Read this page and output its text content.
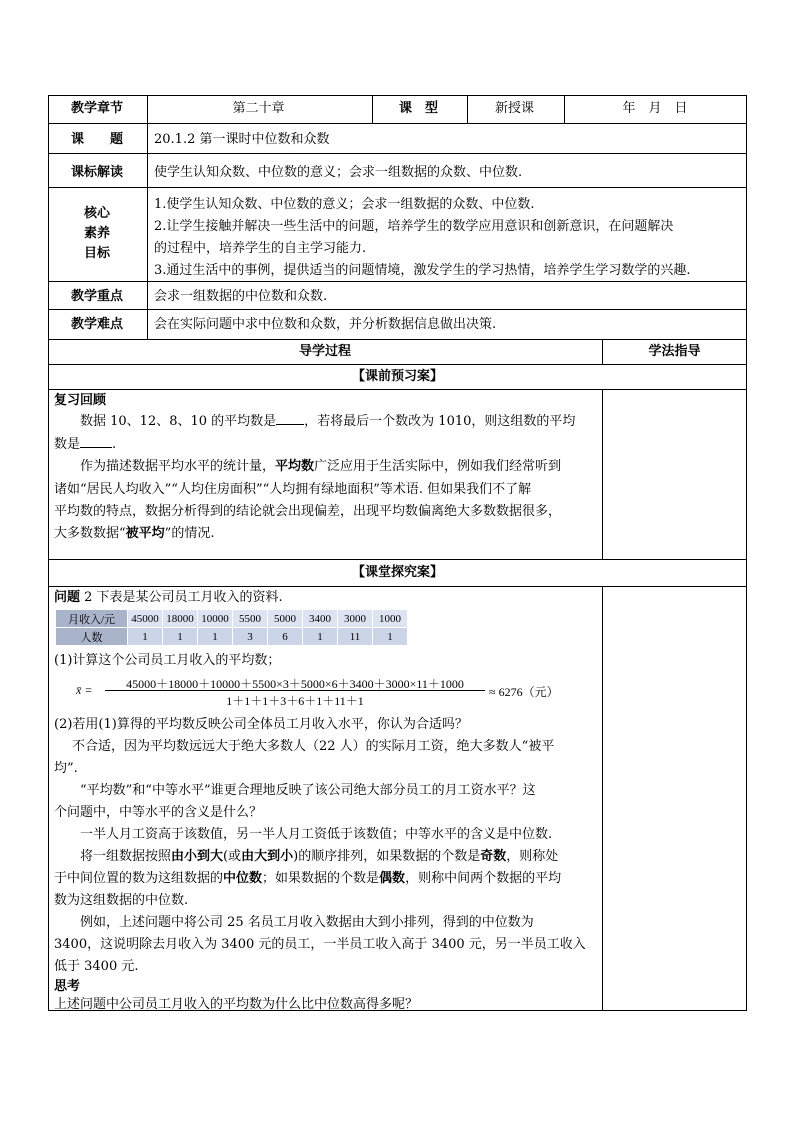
教学章节	第二十章	课　型	新授课	年　月　日
课　　题	20.1.2 第一课时中位数和众数
课标解读	使学生认知众数、中位数的意义；会求一组数据的众数、中位数.
核心
素养
目标
1.使学生认知众数、中位数的意义；会求一组数据的众数、中位数.
2.让学生接触并解决一些生活中的问题，培养学生的数学应用意识和创新意识，在问题解决
的过程中，培养学生的自主学习能力.
3.通过生活中的事例，提供适当的问题情境，激发学生的学习热情，培养学生学习数学的兴趣.
教学重点	会求一组数据的中位数和众数.
教学难点	会在实际问题中求中位数和众数，并分析数据信息做出决策.
导学过程	学法指导
【课前预习案】
复习回顾
数据 10、12、8、10 的平均数是 ，若将最后一个数改为 1010，则这组数的平均
数是 .
作为描述数据平均水平的统计量，平均数广泛应用于生活实际中，例如我们经常听到
诸如“居民人均收入”“人均住房面积”“人均拥有绿地面积”等术语. 但如果我们不了解
平均数的特点，数据分析得到的结论就会出现偏差，出现平均数偏离绝大多数数据很多，
大多数数据“被平均”的情况.
【课堂探究案】
问题 2 下表是某公司员工月收入的资料.
月收入/元	45000	18000	10000	5500	5000	3400	3000	1000
人数	1	1	1	3	6	1	11	1
(1)计算这个公司员工月收入的平均数；
x̄ =	45000＋18000＋10000＋5500×3＋5000×6＋3400＋3000×11＋1000
1＋1＋1＋3＋6＋1＋11＋1
≈ 6276（元）
(2)若用(1)算得的平均数反映公司全体员工月收入水平，你认为合适吗？
不合适，因为平均数远远大于绝大多数人（22 人）的实际月工资，绝大多数人“被平
均”.
“平均数”和“中等水平”谁更合理地反映了该公司绝大部分员工的月工资水平？这
个问题中，中等水平的含义是什么？
一半人月工资高于该数值，另一半人月工资低于该数值；中等水平的含义是中位数.
将一组数据按照由小到大(或由大到小)的顺序排列，如果数据的个数是奇数，则称处
于中间位置的数为这组数据的中位数；如果数据的个数是偶数，则称中间两个数据的平均
数为这组数据的中位数.
例如，上述问题中将公司 25 名员工月收入数据由大到小排列，得到的中位数为
3400，这说明除去月收入为 3400 元的员工，一半员工收入高于 3400 元，另一半员工收入
低于 3400 元.
思考
上述问题中公司员工月收入的平均数为什么比中位数高得多呢？
